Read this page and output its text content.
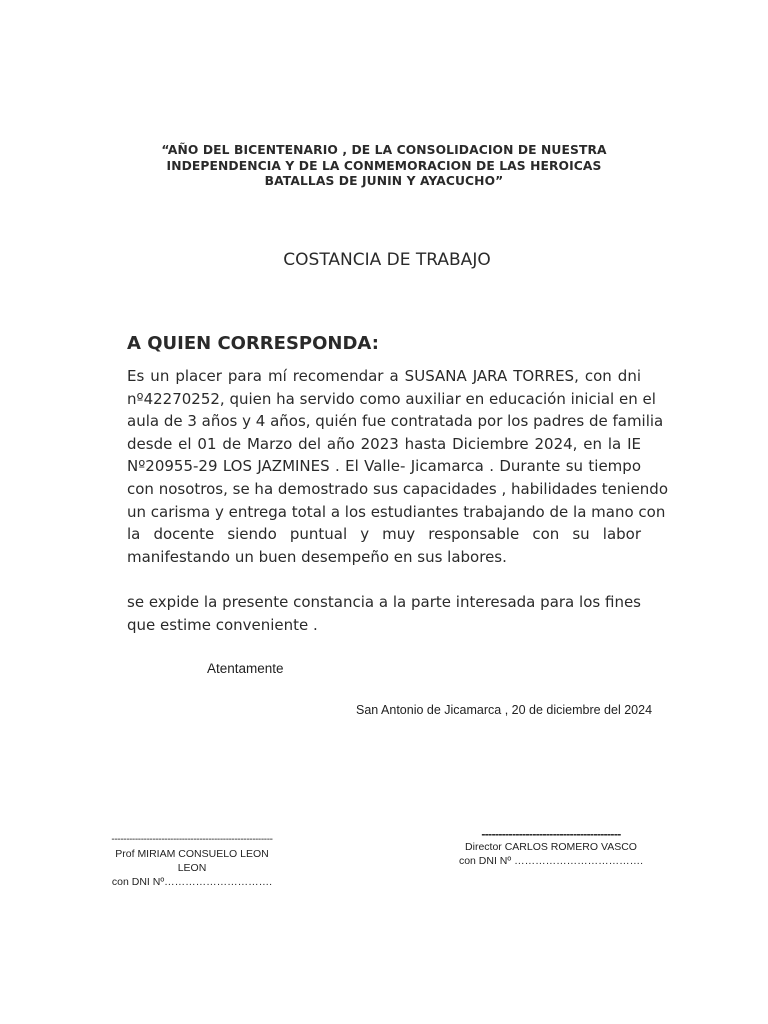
“AÑO DEL BICENTENARIO , DE LA CONSOLIDACION DE NUESTRA
INDEPENDENCIA Y DE LA CONMEMORACION DE LAS HEROICAS
BATALLAS DE JUNIN Y AYACUCHO”
COSTANCIA DE TRABAJO
A QUIEN CORRESPONDA:

Es un placer para mí recomendar a SUSANA JARA TORRES, con dni
nº42270252, quien ha servido como auxiliar en educación inicial en el
aula de 3 años y 4 años, quién fue contratada por los padres de familia
desde el 01 de Marzo del año 2023 hasta Diciembre 2024, en la IE
Nº20955-29 LOS JAZMINES . El Valle- Jicamarca . Durante su tiempo
con nosotros, se ha demostrado sus capacidades , habilidades teniendo
un carisma y entrega total a los estudiantes trabajando de la mano con
la docente siendo puntual y muy responsable con su labor
manifestando un buen desempeño en sus labores.

se expide la presente constancia a la parte interesada para los fines
que estime conveniente .

Atentamente
San Antonio de Jicamarca , 20 de diciembre del 2024
-------------------------------------------------------
Prof MIRIAM CONSUELO LEON LEON
con DNI Nº………………………….
-----------------------------------------
Director CARLOS ROMERO VASCO
con DNI Nº ……………………………….
